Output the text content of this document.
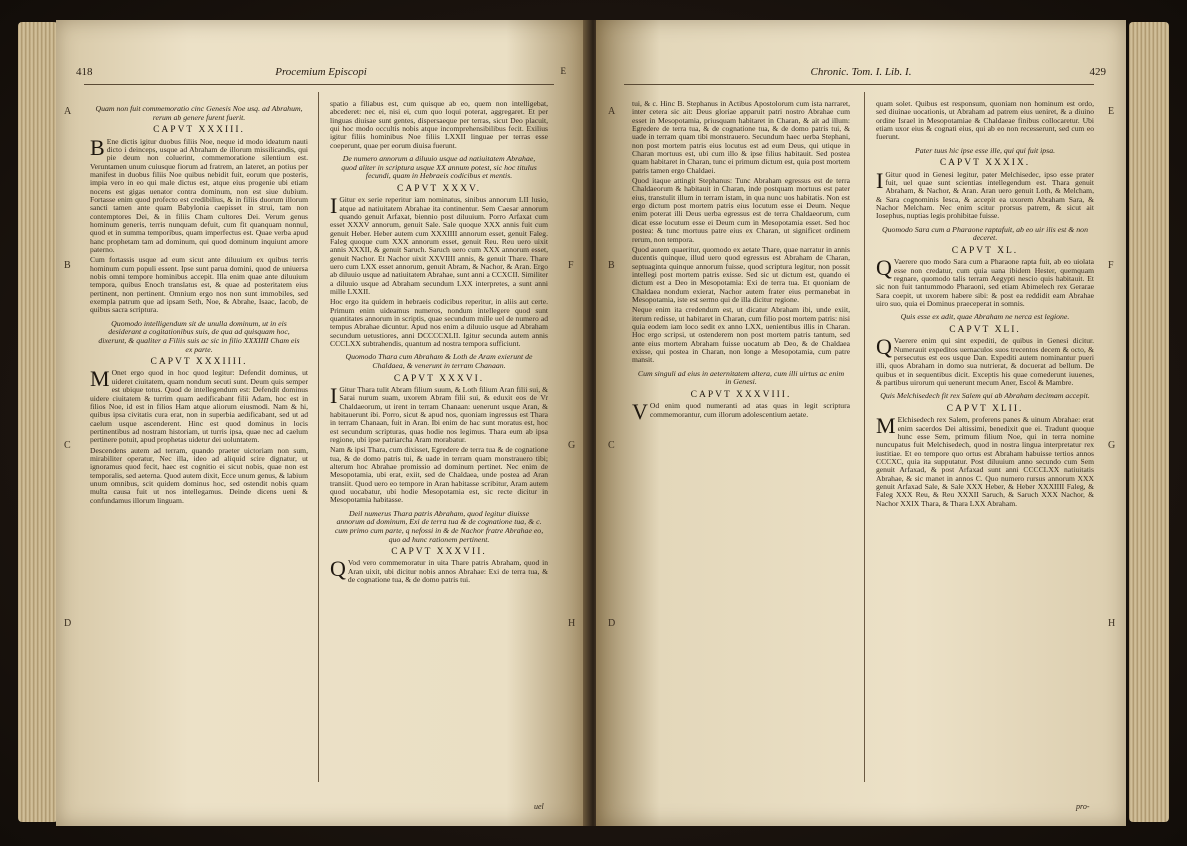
418	Procemium Episcopi	E
A
B
C
D
F
G
H
Quam non fuit commemoratio cinc Genesis Noe usq. ad Abrahum, rerum ab genere furent fuerit.
CAPVT XXXIII.

B Ene dictis igitur duobus filiis Noe, neque id modo ideatum nauti dicto i deinceps, usque ad Abraham de illorum missilicandis, qui pie deum non coluerint, commemoratione silentium est. Veruntamen unum cuiusque fiorum ad fratrem, an lateret, an potius per manifest in duobus filiis Noe quibus nebidit fuit, eorum que posteris, impia vero in eo qui male dictus est, atque eius progenie ubi etiam nocens est gigas uenator contra dominum, non est siue dubium. Fortasse enim quod profecto est credibilius, & in filiis duorum illorum sancti tamen ante quam Babylonia caepisset in strui, tam non contemptores Dei, & in filiis Cham cultores Dei. Verum genus hominum generis, terris nunquam defuit, cum fit quanquam nonnul, quod et in summa temporibus, quam imperfectus est. Quae verba apud hanc prophetam tam ad dominum, qui quod dominum inquiunt amore paterno.

Cum fortassis usque ad eum sicut ante diluuium ex quibus terris hominum cum populi essent. Ipse sunt parua domini, quod de uniuersa nobis omni tempore hominibus accepit. Illa enim quae ante diluuium tempora, quibus Enoch translatus est, & quae ad posteritatem eius pertinent, non pertinent. Omnium ergo nos non sunt immobiles, sed exempla patrum que ad ipsam Seth, Noe, & Abrahe, Isaac, Iacob, de quibus sacra scriptura.

Quomodo intelligendum sit de unulla dominum, ut in eis desiderant a cogitationibus suis, de qua ad quisquam hoc, dixerunt, & qualiter a Filiis suis ac sic in filio XXXIIII Cham eis ex parte.
CAPVT XXXIIII.

M Onet ergo quod in hoc quod legitur: Defendit dominus, ut uideret ciuitatem, quam nondum secuti sunt. Deum quis semper est ubique totus. Quod de intellegendum est: Defendit dominus uidere ciuitatem & turrim quam aedificabant filii Adam, hoc est in filios Noe, id est in filios Ham atque aliorum eiusmodi. Nam & hi, quibus ipsa civitatis cura erat, non in superbia aedificabant, sed ut ad caelum usque ascenderent. Hinc est quod dominus in locis pertinentibus ad nostram historiam, ut turris ipsa, quae nec ad caelum pertinere potuit, apud prophetas uidetur dei uoluntatem.

Descendens autem ad terram, quando praeter uictoriam non sum, mirabiliter operatur, Nec illa, ideo ad aliquid scire dignatur, ut ignoramus quod fecit, haec est cognitio ei sicut nobis, quae non est temporalis, sed aeterna. Quod autem dixit, Ecce unum genus, & labium unum omnibus, scit quidem dominus hoc, sed ostendit nobis quam multa causa fuit ut nos intellegamus. Deinde dicens ueni & confundamus illorum linguam.

spatio a filiabus est, cum quisque ab eo, quem non intelligebat, abcederet: nec ei, nisi ei, cum quo loqui poterat, aggregaret. Et per linguas diuisae sunt gentes, dispersaeque per terras, sicut Deo placuit, qui hoc modo occultis nobis atque incomprehensibilibus fecit. Exilius igitur filiis hominibus Noe filiis LXXII linguae per terras esse coeperunt, quae per eorum diuisa fuerunt.

De numero annorum a diluuio usque ad natiuitatem Abrahae, quod aliter in scriptura usque XX annum potest, sic hoc titulus fecundi, quam in Hebraeis codicibus et mentis.
CAPVT XXXV.

I Gitur ex serie reperitur iam nominatus, sinibus annorum LII lusio, atque ad natiuitatem Abrahae ita continentur. Sem Caesar annorum quando genuit Arfaxat, biennio post diluuium. Porro Arfaxat cum esset XXXV annorum, genuit Sale. Sale quoque XXX annis fuit cum genuit Heber. Heber autem cum XXXIIII annorum esset, genuit Faleg. Faleg quoque cum XXX annorum esset, genuit Reu. Reu uero uixit annis XXXII, & genuit Saruch. Saruch uero cum XXX annorum esset, genuit Nachor. Et Nachor uixit XXVIIII annis, & genuit Thare. Thare uero cum LXX esset annorum, genuit Abram, & Nachor, & Aran. Ergo ab diluuio usque ad natiuitatem Abrahae, sunt anni a CCXCII. Similiter a diluuio usque ad Abraham secundum LXX interpretes, a sunt anni mille LXXII.

Hoc ergo ita quidem in hebraeis codicibus reperitur, in aliis aut certe. Primum enim uideamus numeros, nondum intellegere quod sunt quantitates annorum in scriptis, quae secundum mille uel de numero ad tempus Abrahae dicuntur. Apud nos enim a diluuio usque ad Abraham secundum uetustiores, anni DCCCCXLII. Igitur secunda autem annis CCCLXX subtrahendis, quantum ad nostra tempora sufficiunt.

Quomodo Thara cum Abraham & Loth de Aram exierunt de Chaldaea, & venerunt in terram Chanaan.
CAPVT XXXVI.

I Gitur Thara tulit Abram filium suum, & Loth filium Aran filii sui, & Sarai nurum suam, uxorem Abram filii sui, & eduxit eos de Vr Chaldaeorum, ut irent in terram Chanaan: uenerunt usque Aran, & habitauerunt ibi. Porro, sicut & apud nos, quoniam ingressus est Thara in terram Chanaan, fuit in Aran. Ibi enim de hac sunt moratus est, hoc est secundum scripturas, quas hodie nos legimus. Thara eum ab ipsa regione, ubi ipse patriarcha Aram morabatur.

Nam & ipsi Thara, cum dixisset, Egredere de terra tua & de cognatione tua, & de domo patris tui, & uade in terram quam monstrauero tibi; alterum hoc Abrahae promissio ad dominum pertinet. Nec enim de Mesopotamia, ubi erat, exiit, sed de Chaldaea, unde postea ad Aran transiit. Quod uero eo tempore in Aran habitasse scribitur, Aram autem quod uocabatur, ubi hodie Mesopotamia est, sic recte dicitur in Mesopotamia habitasse.

Deil numerus Thara patris Abraham, quod legitur diuisse annorum ad dominum, Exi de terra tua & de cognatione tua, & c. cum primo cum parte, q nefossi in & de Nachor fratre Abrahae eo, quo ad hunc rationem pertinent.
CAPVT XXXVII.

Q Vod vero commemoratur in uita Thare patris Abraham, quod in Aran uixit, ubi dicitur nobis annos Abrahae: Exi de terra tua, & de cognatione tua, & de domo patris tui.

uel
Chronic. Tom. I. Lib. I.	429
A
B
C
D
E
F
G
H

tui, & c. Hinc B. Stephanus in Actibus Apostolorum cum ista narraret, inter cetera sic ait: Deus gloriae apparuit patri nostro Abrahae cum esset in Mesopotamia, priusquam habitaret in Charan, & ait ad illum: Egredere de terra tua, & de cognatione tua, & de domo patris tui, & uade in terram quam tibi monstrauero. Secundum haec uerba Stephani, non post mortem patris eius locutus est ad eum Deus, qui utique in Charan mortuus est, ubi cum illo & ipse filius habitauit. Sed postea quam habitaret in Charan, tunc ei primum dictum est, quia post mortem patris tamen ergo Chaldaei.

Quod itaque attingit Stephanus: Tunc Abraham egressus est de terra Chaldaeorum & habitauit in Charan, inde postquam mortuus est pater eius, transtulit illum in terram istam, in qua nunc uos habitatis. Non est ergo dictum post mortem patris eius locutum esse ei Deum. Neque enim poterat illi Deus uerba egressus est de terra Chaldaeorum, cum dicat esse locutum esse ei Deum cum in Mesopotamia esset. Sed hoc postea: & tunc mortuus patre eius ex Charan, ut significet ordinem rerum, non tempora.

Quod autem quaeritur, quomodo ex aetate Thare, quae narratur in annis ducentis quinque, illud uero quod egressus est Abraham de Charan, septuaginta quinque annorum fuisse, quod scriptura legitur, non possit intellegi post mortem patris exisse. Sed sic ut dictum est, quando ei dictum est a Deo in Mesopotamia: Exi de terra tua. Et quoniam de Chaldaea nondum exierat, Nachor autem frater eius permanebat in Mesopotamia, iste est sermo qui de illa dicitur regione.

Neque enim ita credendum est, ut dicatur Abraham ibi, unde exiit, iterum redisse, ut habitaret in Charan, cum filio post mortem patris: nisi quia eodem iam loco sedit ex anno LXX, uenientibus illis in Charan. Hoc ergo scripsi, ut ostenderem non post mortem patris tantum, sed ante eius mortem Abraham fuisse uocatum ab Deo, & de Chaldaea exisse, qui postea in Charan, non longe a Mesopotamia, cum patre mansit.

Cum singuli ad eius in aeternitatem altera, cum illi uirtus ac enim in Genesi.
CAPVT XXXVIII.

V Od enim quod numeranti ad atas quas in legit scriptura commemorantur, cum illorum adolescentium aetate.

quam solet. Quibus est responsum, quoniam non hominum est ordo, sed diuinae uocationis, ut Abraham ad patrem eius ueniret, & a diuino ordine Israel in Mesopotamiae & Chaldaeae finibus collocaretur. Ubi etiam uxor eius & cognati eius, qui ab eo non recesserunt, sed cum eo fuerunt.

Pater tuus hic ipse esse ille, qui qui fuit ipsa.
CAPVT XXXIX.

I Gitur quod in Genesi legitur, pater Melchisedec, ipso esse prater fuit, uel quae sunt scientias intellegendum est. Thara genuit Abraham, & Nachor, & Aran. Aran uero genuit Loth, & Melcham, & Sara cognominis Iesca, & accepit ea uxorem Abraham Sara, & Nachor Melcham. Nec enim scitur prorsus patrem, & sicut ait Iosephus, nuptias legis prohibitae fuisse.

Quomodo Sara cum a Pharaone raptafuit, ab eo uir ilis est & non deceret.
CAPVT XL.

Q Vaerere quo modo Sara cum a Pharaone rapta fuit, ab eo uiolata esse non credatur, cum quia uana ibidem Hester, quemquam regnare, quomodo talis terram Aegypti nescio quis habitauit. Et sic non fuit tantummodo Pharaoni, sed etiam Abimelech rex Gerarae Sara coepit, ut uxorem habere sibi: & post ea reddidit eam Abrahae uiro suo, quia ei Dominus praeceperat in somnis.

Quis esse ex adit, quae Abraham ne nerca est legione.
CAPVT XLI.

Q Vaerere enim qui sint expediti, de quibus in Genesi dicitur. Numerauit expeditos uernaculos suos trecentos decem & octo, & persecutus est eos usque Dan. Expediti autem nominantur pueri illi, quos Abraham in domo sua nutrierat, & docuerat ad bellum. De quibus et in sequentibus dicit. Exceptis his quae comederunt iuuenes, & partibus uirorum qui uenerunt mecum Aner, Escol & Mambre.

Quis Melchisedech fit rex Salem qui ab Abraham decimam accepit.
CAPVT XLII.

M Elchisedech rex Salem, proferens panes & uinum Abrahae: erat enim sacerdos Dei altissimi, benedixit que ei. Tradunt quoque hunc esse Sem, primum filium Noe, qui in terra nomine nuncupatus fuit Melchisedech, quod in nostra lingua interpretatur rex iustitiae. Et eo tempore quo ortus est Abraham habuisse tertios annos CCCXC, quia ita supputatur. Post diluuium anno secundo cum Sem genuit Arfaxad, & post Arfaxad sunt anni CCCCLXX natiuitatis Abrahae, & sic manet in annos C. Quo numero rursus annorum XXX genuit Arfaxad Sale, & Sale XXX Heber, & Heber XXXIIII Faleg, & Faleg XXX Reu, & Reu XXXII Saruch, & Saruch XXX Nachor, & Nachor XXIX Thara, & Thara LXX Abraham.

pro-
